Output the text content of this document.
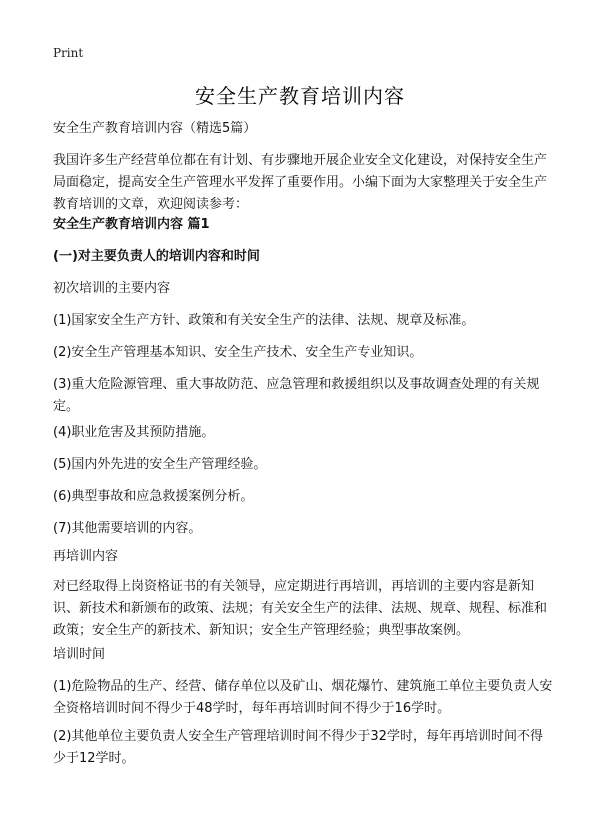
Print
安全生产教育培训内容

安全生产教育培训内容（精选5篇）

我国许多生产经营单位都在有计划、有步骤地开展企业安全文化建设，对保持安全生产局面稳定，提高安全生产管理水平发挥了重要作用。小编下面为大家整理关于安全生产教育培训的文章，欢迎阅读参考：

安全生产教育培训内容 篇1

(一)对主要负责人的培训内容和时间

初次培训的主要内容

(1)国家安全生产方针、政策和有关安全生产的法律、法规、规章及标准。

(2)安全生产管理基本知识、安全生产技术、安全生产专业知识。

(3)重大危险源管理、重大事故防范、应急管理和救援组织以及事故调查处理的有关规定。

(4)职业危害及其预防措施。

(5)国内外先进的安全生产管理经验。

(6)典型事故和应急救援案例分析。

(7)其他需要培训的内容。

再培训内容

对已经取得上岗资格证书的有关领导，应定期进行再培训，再培训的主要内容是新知识、新技术和新颁布的政策、法规；有关安全生产的法律、法规、规章、规程、标准和政策；安全生产的新技术、新知识；安全生产管理经验；典型事故案例。

培训时间

(1)危险物品的生产、经营、储存单位以及矿山、烟花爆竹、建筑施工单位主要负责人安全资格培训时间不得少于48学时，每年再培训时间不得少于16学时。

(2)其他单位主要负责人安全生产管理培训时间不得少于32学时，每年再培训时间不得少于12学时。
